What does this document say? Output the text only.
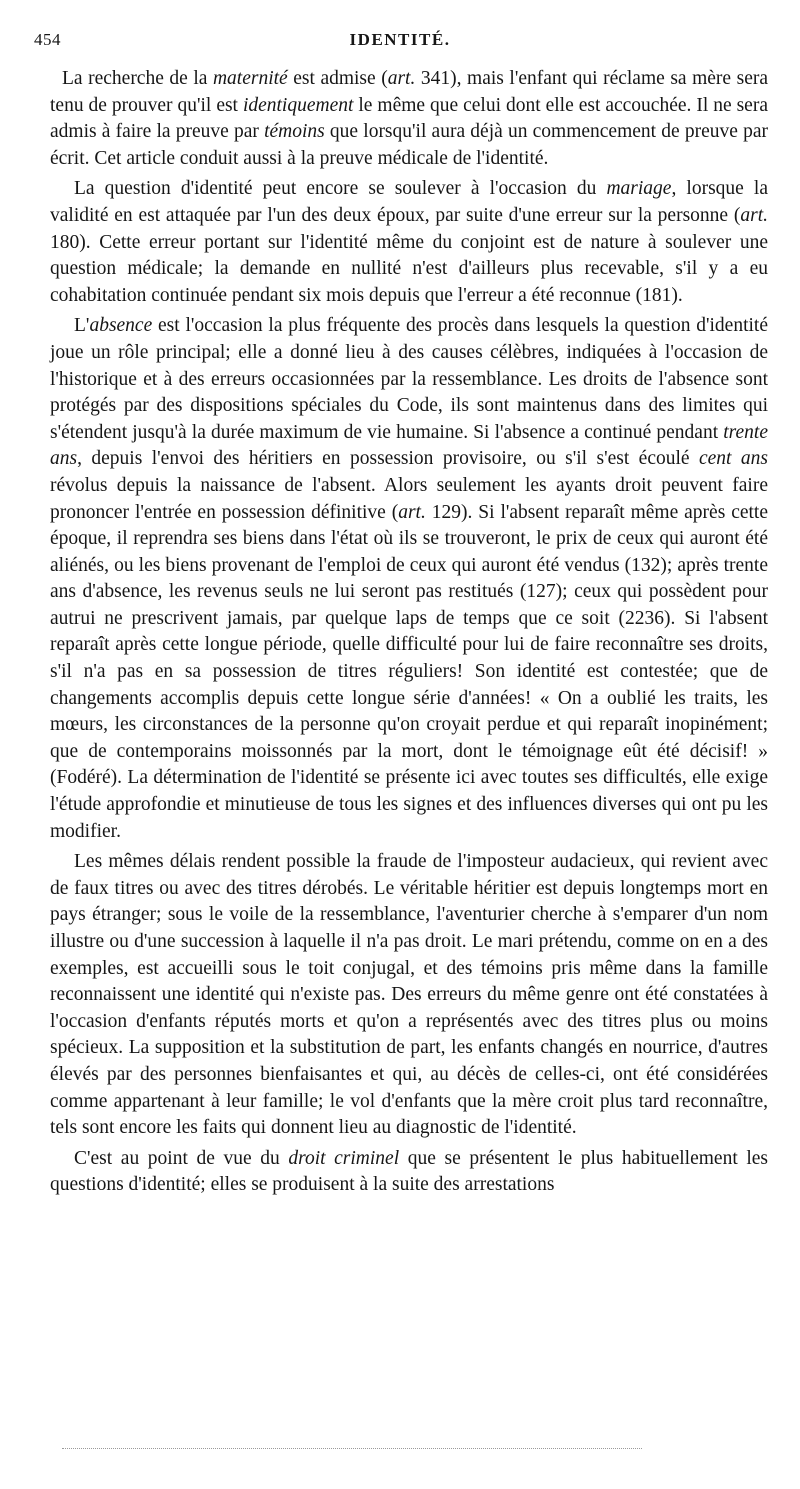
454	IDENTITÉ.

La recherche de la maternité est admise (art. 341), mais l'enfant qui réclame sa mère sera tenu de prouver qu'il est identiquement le même que celui dont elle est accouchée. Il ne sera admis à faire la preuve par témoins que lorsqu'il aura déjà un commencement de preuve par écrit. Cet article conduit aussi à la preuve médicale de l'identité.

La question d'identité peut encore se soulever à l'occasion du mariage, lorsque la validité en est attaquée par l'un des deux époux, par suite d'une erreur sur la personne (art. 180). Cette erreur portant sur l'identité même du conjoint est de nature à soulever une question médicale; la demande en nullité n'est d'ailleurs plus recevable, s'il y a eu cohabitation continuée pendant six mois depuis que l'erreur a été reconnue (181).

L'absence est l'occasion la plus fréquente des procès dans lesquels la question d'identité joue un rôle principal; elle a donné lieu à des causes célèbres, indiquées à l'occasion de l'historique et à des erreurs occasionnées par la ressemblance. Les droits de l'absence sont protégés par des dispositions spéciales du Code, ils sont maintenus dans des limites qui s'étendent jusqu'à la durée maximum de vie humaine. Si l'absence a continué pendant trente ans, depuis l'envoi des héritiers en possession provisoire, ou s'il s'est écoulé cent ans révolus depuis la naissance de l'absent. Alors seulement les ayants droit peuvent faire prononcer l'entrée en possession définitive (art. 129). Si l'absent reparaît même après cette époque, il reprendra ses biens dans l'état où ils se trouveront, le prix de ceux qui auront été aliénés, ou les biens provenant de l'emploi de ceux qui auront été vendus (132); après trente ans d'absence, les revenus seuls ne lui seront pas restitués (127); ceux qui possèdent pour autrui ne prescrivent jamais, par quelque laps de temps que ce soit (2236). Si l'absent reparaît après cette longue période, quelle difficulté pour lui de faire reconnaître ses droits, s'il n'a pas en sa possession de titres réguliers! Son identité est contestée; que de changements accomplis depuis cette longue série d'années! « On a oublié les traits, les mœurs, les circonstances de la personne qu'on croyait perdue et qui reparaît inopinément; que de contemporains moissonnés par la mort, dont le témoignage eût été décisif! » (Fodéré). La détermination de l'identité se présente ici avec toutes ses difficultés, elle exige l'étude approfondie et minutieuse de tous les signes et des influences diverses qui ont pu les modifier.

Les mêmes délais rendent possible la fraude de l'imposteur audacieux, qui revient avec de faux titres ou avec des titres dérobés. Le véritable héritier est depuis longtemps mort en pays étranger; sous le voile de la ressemblance, l'aventurier cherche à s'emparer d'un nom illustre ou d'une succession à laquelle il n'a pas droit. Le mari prétendu, comme on en a des exemples, est accueilli sous le toit conjugal, et des témoins pris même dans la famille reconnaissent une identité qui n'existe pas. Des erreurs du même genre ont été constatées à l'occasion d'enfants réputés morts et qu'on a représentés avec des titres plus ou moins spécieux. La supposition et la substitution de part, les enfants changés en nourrice, d'autres élevés par des personnes bienfaisantes et qui, au décès de celles-ci, ont été considérées comme appartenant à leur famille; le vol d'enfants que la mère croit plus tard reconnaître, tels sont encore les faits qui donnent lieu au diagnostic de l'identité.

C'est au point de vue du droit criminel que se présentent le plus habituellement les questions d'identité; elles se produisent à la suite des arrestations
